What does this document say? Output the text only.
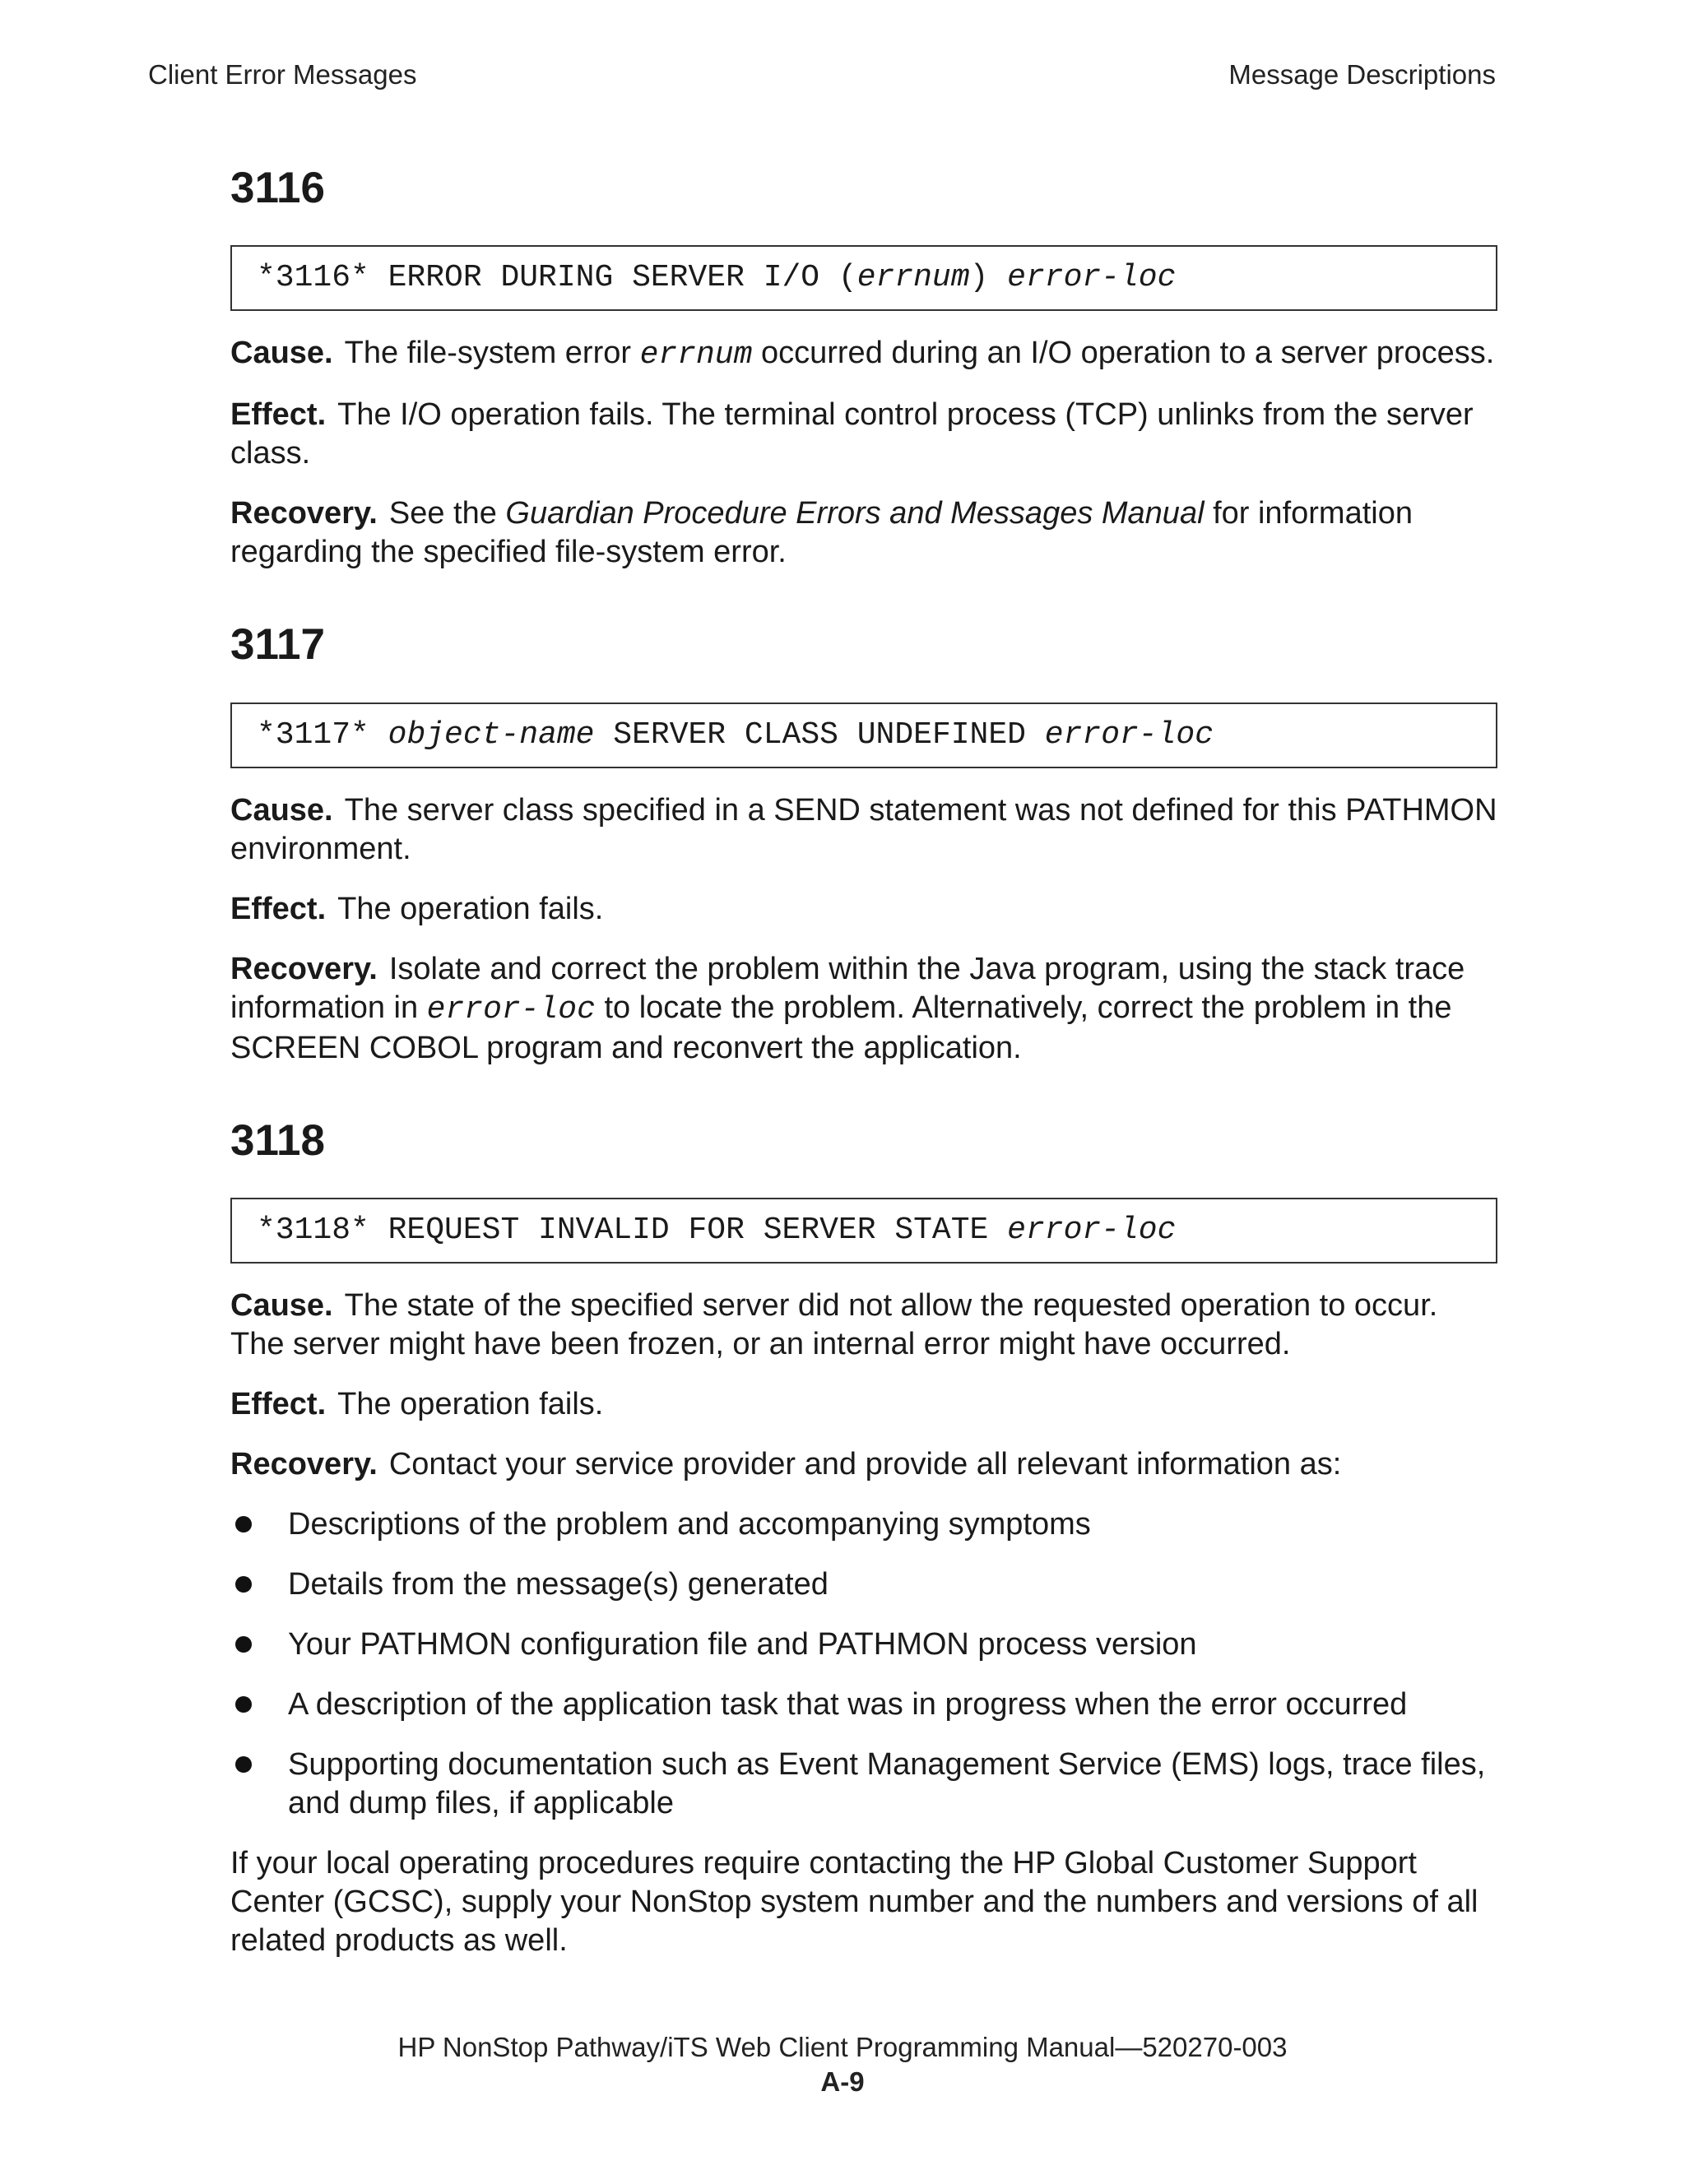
Client Error Messages	Message Descriptions
3116
*3116* ERROR DURING SERVER I/O (errnum) error-loc

Cause. The file-system error errnum occurred during an I/O operation to a server process.

Effect. The I/O operation fails. The terminal control process (TCP) unlinks from the server class.

Recovery. See the Guardian Procedure Errors and Messages Manual for information regarding the specified file-system error.

3117
*3117* object-name SERVER CLASS UNDEFINED error-loc

Cause. The server class specified in a SEND statement was not defined for this PATHMON environment.

Effect. The operation fails.

Recovery. Isolate and correct the problem within the Java program, using the stack trace information in error-loc to locate the problem. Alternatively, correct the problem in the SCREEN COBOL program and reconvert the application.

3118
*3118* REQUEST INVALID FOR SERVER STATE error-loc

Cause. The state of the specified server did not allow the requested operation to occur. The server might have been frozen, or an internal error might have occurred.

Effect. The operation fails.

Recovery. Contact your service provider and provide all relevant information as:

Descriptions of the problem and accompanying symptoms
Details from the message(s) generated
Your PATHMON configuration file and PATHMON process version
A description of the application task that was in progress when the error occurred
Supporting documentation such as Event Management Service (EMS) logs, trace files, and dump files, if applicable

If your local operating procedures require contacting the HP Global Customer Support Center (GCSC), supply your NonStop system number and the numbers and versions of all related products as well.

HP NonStop Pathway/iTS Web Client Programming Manual—520270-003
A-9
